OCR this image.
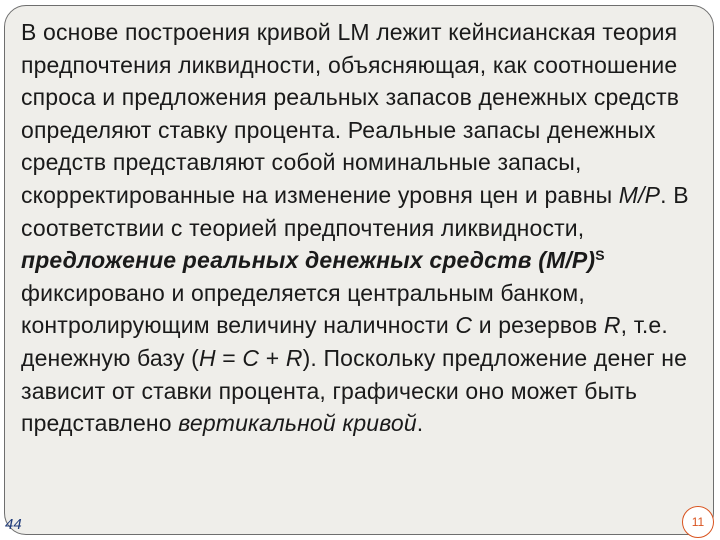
В основе построения кривой LM лежит кейнсианская теория предпочтения ликвидности, объясняющая, как соотношение спроса и предложения реальных запасов денежных средств определяют ставку процента. Реальные запасы денежных средств представляют собой номинальные запасы, скорректированные на изменение уровня цен и равны M/P. В соответствии с теорией предпочтения ликвидности, предложение реальных денежных средств $(M/P)^S$ фиксировано и определяется центральным банком, контролирующим величину наличности C и резервов R, т.е. денежную базу (H = C + R). Поскольку предложение денег не зависит от ставки процента, графически оно может быть представлено вертикальной кривой.

44	11
